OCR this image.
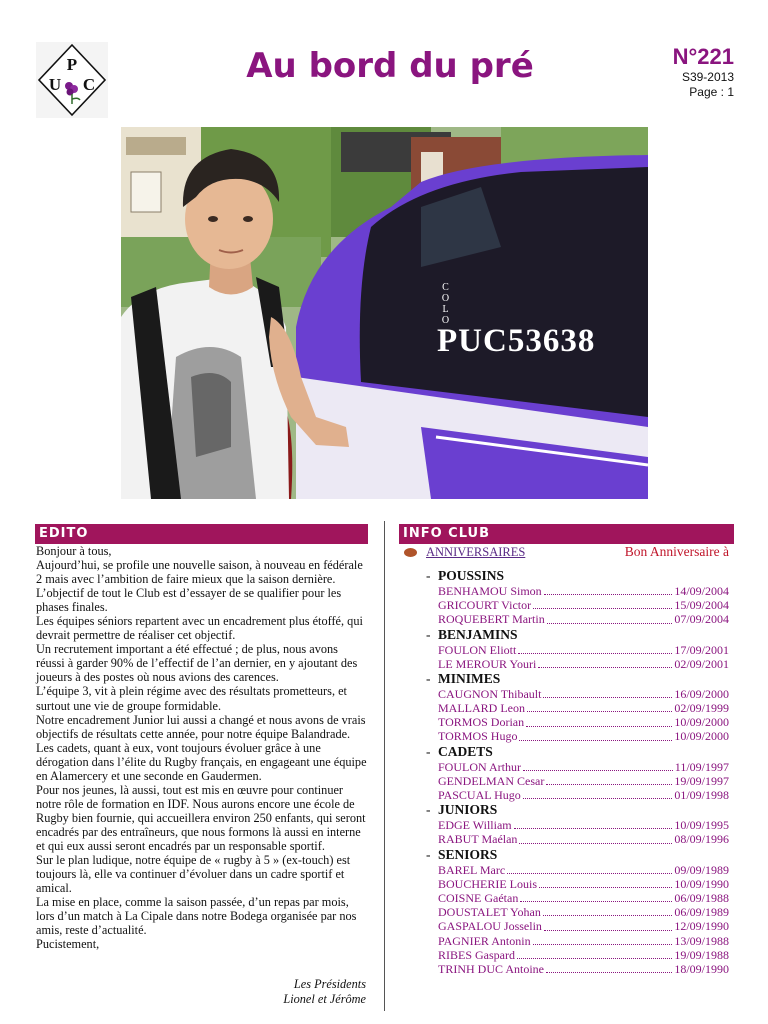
P
U C	Au bord du pré	N°221
S39-2013
Page : 1
COLO
PUC53638
EDITO

Bonjour à tous,

Aujourd’hui, se profile une nouvelle saison, à nouveau en fédérale 2 mais avec l’ambition de faire mieux que la saison dernière. L’objectif de tout le Club est d’essayer de se qualifier pour les phases finales.

Les équipes séniors repartent avec un encadrement plus étoffé, qui devrait permettre de réaliser cet objectif.

Un recrutement important a été effectué ; de plus, nous avons réussi à garder 90% de l’effectif de l’an dernier, en y ajoutant des joueurs à des postes où nous avions des carences.

L’équipe 3, vit à plein régime avec des résultats prometteurs, et surtout une vie de groupe formidable.

Notre encadrement Junior lui aussi a changé et nous avons de vrais objectifs de résultats cette année, pour notre équipe Balandrade.

Les cadets, quant à eux, vont toujours évoluer grâce à une dérogation dans l’élite du Rugby français, en engageant une équipe en Alamercery et une seconde en Gaudermen.

Pour nos jeunes, là aussi, tout est mis en œuvre pour continuer notre rôle de formation en IDF. Nous aurons encore une école de Rugby bien fournie, qui accueillera environ 250 enfants, qui seront encadrés par des entraîneurs, que nous formons là aussi en interne et qui eux aussi seront encadrés par un responsable sportif.

Sur le plan ludique, notre équipe de « rugby à 5 » (ex-touch) est toujours là, elle va continuer d’évoluer dans un cadre sportif et amical.

La mise en place, comme la saison passée, d’un repas par mois, lors d’un match à La Cipale dans notre Bodega organisée par nos amis, reste d’actualité.

Pucistement,

Les Présidents
Lionel et Jérôme
INFO CLUB
ANNIVERSAIRES	Bon Anniversaire à
- POUSSINS
BENHAMOU Simon	14/09/2004
GRICOURT Victor	15/09/2004
ROQUEBERT Martin	07/09/2004
- BENJAMINS
FOULON Eliott	17/09/2001
LE MEROUR Youri	02/09/2001
- MINIMES
CAUGNON Thibault	16/09/2000
MALLARD Leon	02/09/1999
TORMOS Dorian	10/09/2000
TORMOS Hugo	10/09/2000
- CADETS
FOULON Arthur	11/09/1997
GENDELMAN Cesar	19/09/1997
PASCUAL Hugo	01/09/1998
- JUNIORS
EDGE William	10/09/1995
RABUT Maélan	08/09/1996
- SENIORS
BAREL Marc	09/09/1989
BOUCHERIE Louis	10/09/1990
COISNE Gaétan	06/09/1988
DOUSTALET Yohan	06/09/1989
GASPALOU Josselin	12/09/1990
PAGNIER Antonin	13/09/1988
RIBES Gaspard	19/09/1988
TRINH DUC Antoine	18/09/1990
